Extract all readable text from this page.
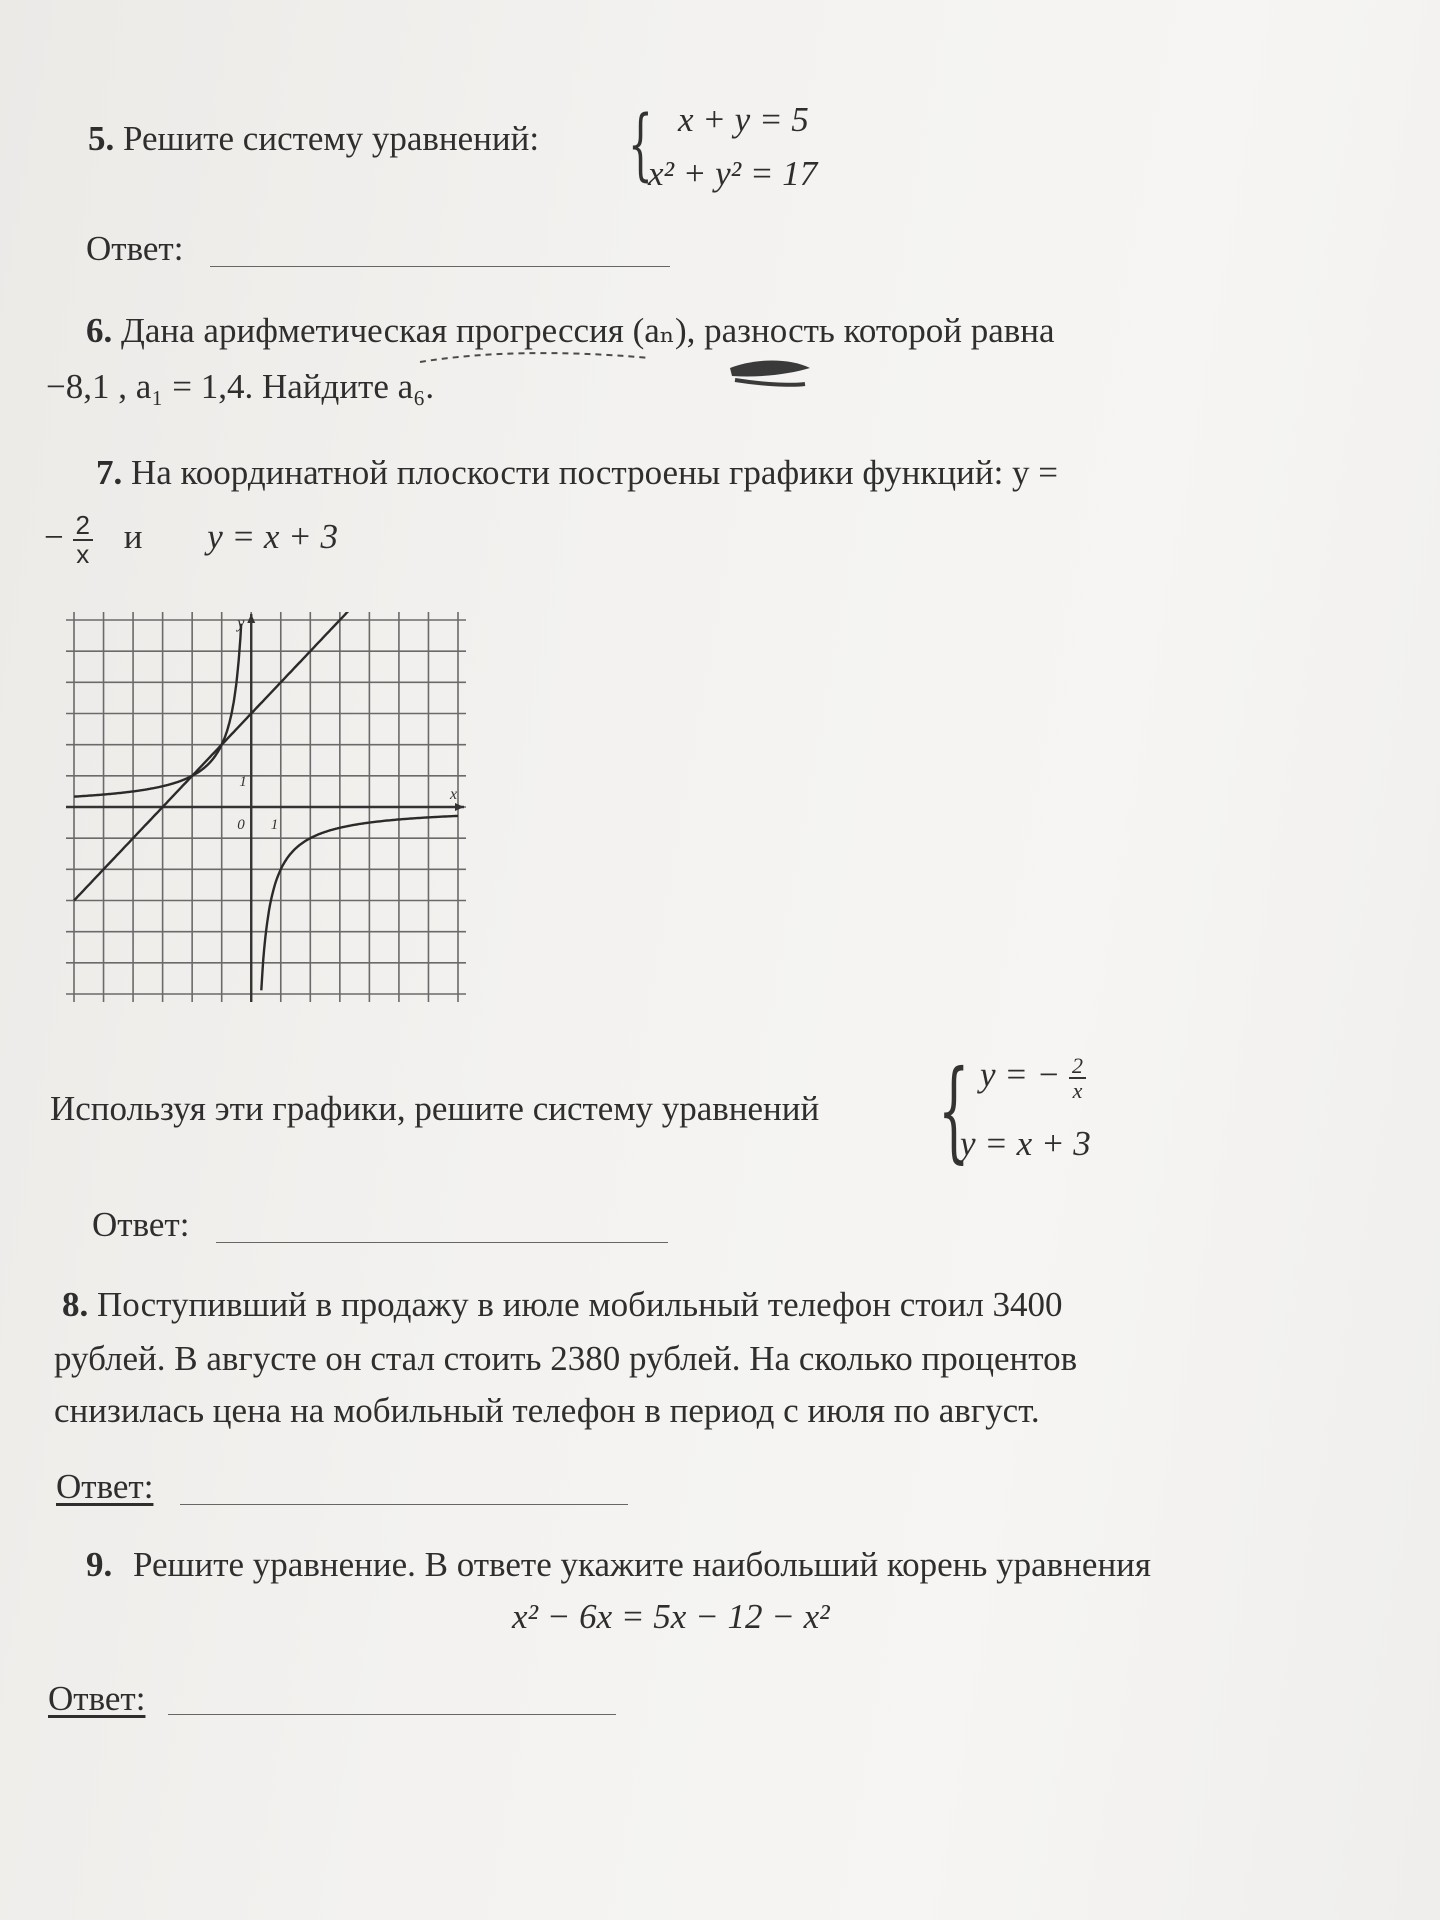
5. Решите систему уравнений: { x + y = 5
x² + y² = 17
Ответ:
6. Дана арифметическая прогрессия (aₙ), разность которой равна
−8,1 , a₁ = 1,4. Найдите a₆.
7. На координатной плоскости построены графики функций: y =
− $\frac{2}{x}$ и y = x + 3
y
x
0 1
1
Используя эти графики, решите систему уравнений { y = − $\frac{2}{x}$
y = x + 3
Ответ:
8. Поступивший в продажу в июле мобильный телефон стоил 3400
рублей. В августе он стал стоить 2380 рублей. На сколько процентов
снизилась цена на мобильный телефон в период с июля по август.
Ответ:
9. Решите уравнение. В ответе укажите наибольший корень уравнения
x² − 6x = 5x − 12 − x²
Ответ:
